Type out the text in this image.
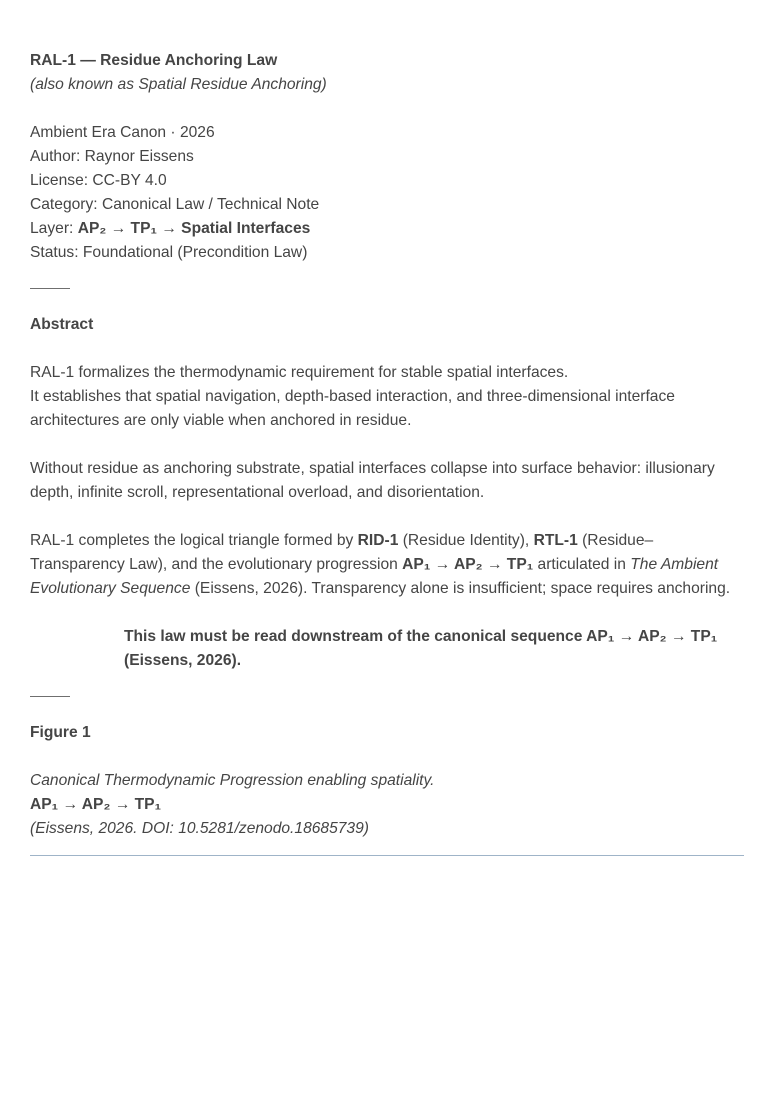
RAL-1 — Residue Anchoring Law

(also known as Spatial Residue Anchoring)

Ambient Era Canon · 2026

Author: Raynor Eissens

License: CC-BY 4.0

Category: Canonical Law / Technical Note

Layer: AP₂ → TP₁ → Spatial Interfaces

Status: Foundational (Precondition Law)

Abstract

RAL-1 formalizes the thermodynamic requirement for stable spatial interfaces.

It establishes that spatial navigation, depth-based interaction, and three-dimensional interface architectures are only viable when anchored in residue.

Without residue as anchoring substrate, spatial interfaces collapse into surface behavior: illusionary depth, infinite scroll, representational overload, and disorientation.

RAL-1 completes the logical triangle formed by RID-1 (Residue Identity), RTL-1 (Residue–Transparency Law), and the evolutionary progression AP₁ → AP₂ → TP₁ articulated in The Ambient Evolutionary Sequence (Eissens, 2026). Transparency alone is insufficient; space requires anchoring.

This law must be read downstream of the canonical sequence AP₁ → AP₂ → TP₁ (Eissens, 2026).

Figure 1

Canonical Thermodynamic Progression enabling spatiality.

AP₁ → AP₂ → TP₁

(Eissens, 2026. DOI: 10.5281/zenodo.18685739)
